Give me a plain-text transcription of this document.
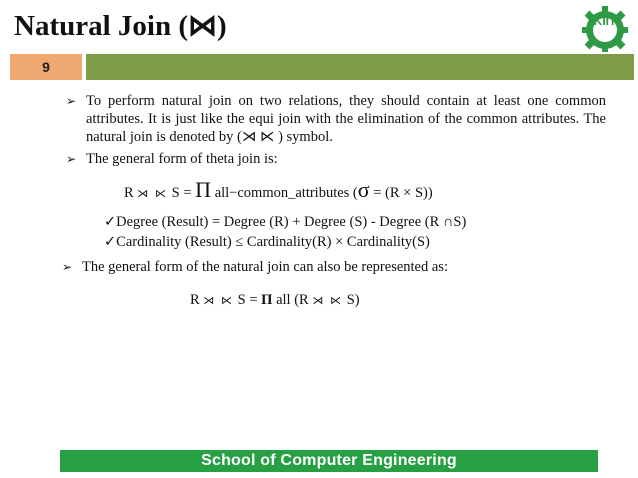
Natural Join (⋈)	KIIT
9
➢ To perform natural join on two relations, they should contain at least one common attributes. It is just like the equi join with the elimination of the common attributes. The natural join is denoted by (⋊ ⋉ ) symbol.
➢ The general form of theta join is:
R ⋊ ⋉ S = Π all−common_attributes (σ = (R × S))
✓Degree (Result) = Degree (R) + Degree (S) - Degree (R ∩S)
✓Cardinality (Result) ≤ Cardinality(R) × Cardinality(S)
➢ The general form of the natural join can also be represented as:
R ⋊ ⋉ S = Π all (R ⋊ ⋉ S)
School of Computer Engineering
